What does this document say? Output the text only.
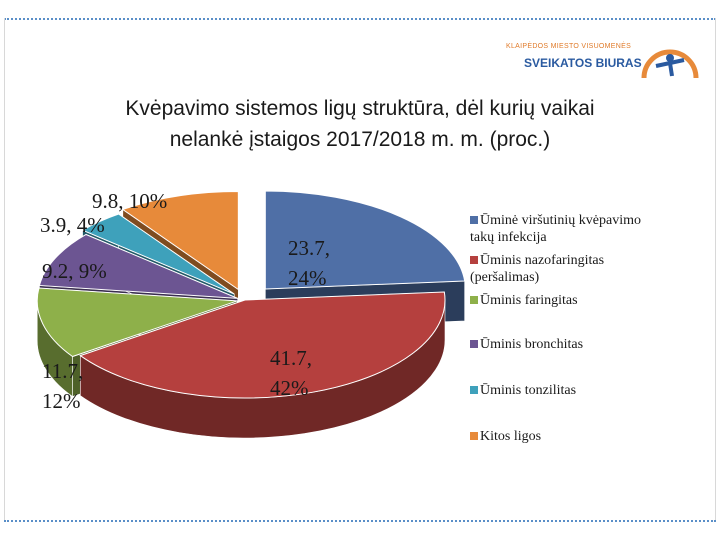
KLAIPĖDOS MIESTO VISUOMENĖS
SVEIKATOS BIURAS
Kvėpavimo sistemos ligų struktūra, dėl kurių vaikai
nelankė įstaigos 2017/2018 m. m. (proc.)
23.7, 24%
41.7, 42%
11.7, 12%
9.2, 9%
3.9, 4%
9.8, 10%
Ūminė viršutinių kvėpavimo
takų infekcija
Ūminis nazofaringitas
(peršalimas)
Ūminis faringitas
Ūminis bronchitas
Ūminis tonzilitas
Kitos ligos
